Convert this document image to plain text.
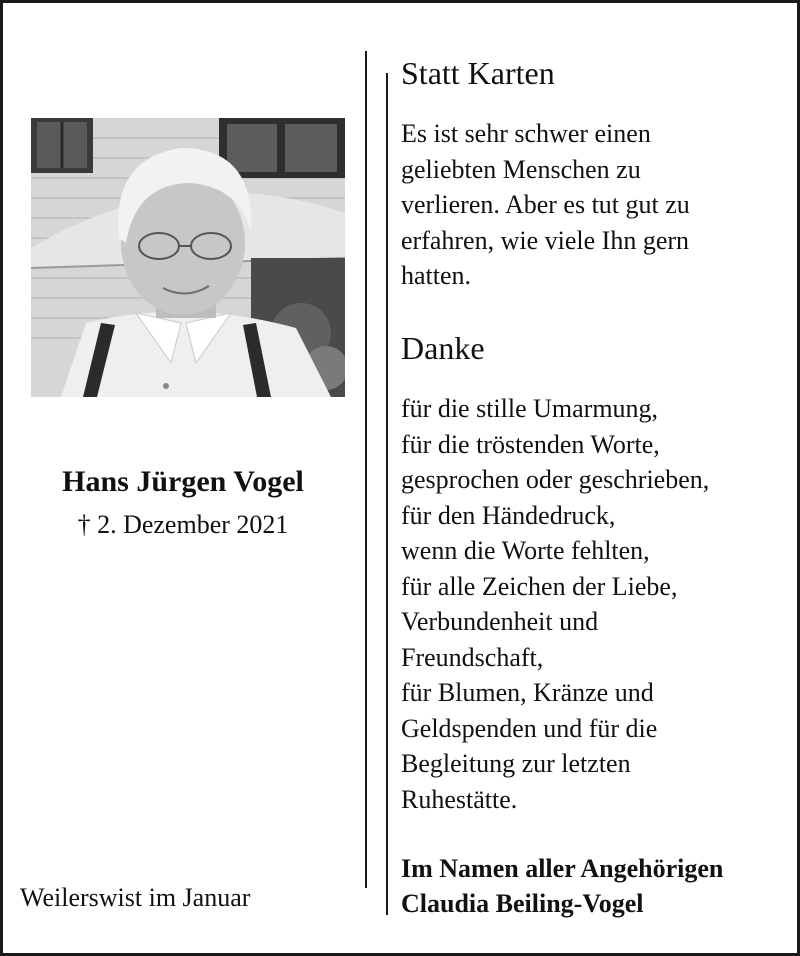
Hans Jürgen Vogel
† 2. Dezember 2021
Weilerswist im Januar
Statt Karten
Es ist sehr schwer einen
geliebten Menschen zu
verlieren. Aber es tut gut zu
erfahren, wie viele Ihn gern
hatten.
Danke
für die stille Umarmung,
für die tröstenden Worte,
gesprochen oder geschrieben,
für den Händedruck,
wenn die Worte fehlten,
für alle Zeichen der Liebe,
Verbundenheit und
Freundschaft,
für Blumen, Kränze und
Geldspenden und für die
Begleitung zur letzten
Ruhestätte.
Im Namen aller Angehörigen
Claudia Beiling-Vogel
